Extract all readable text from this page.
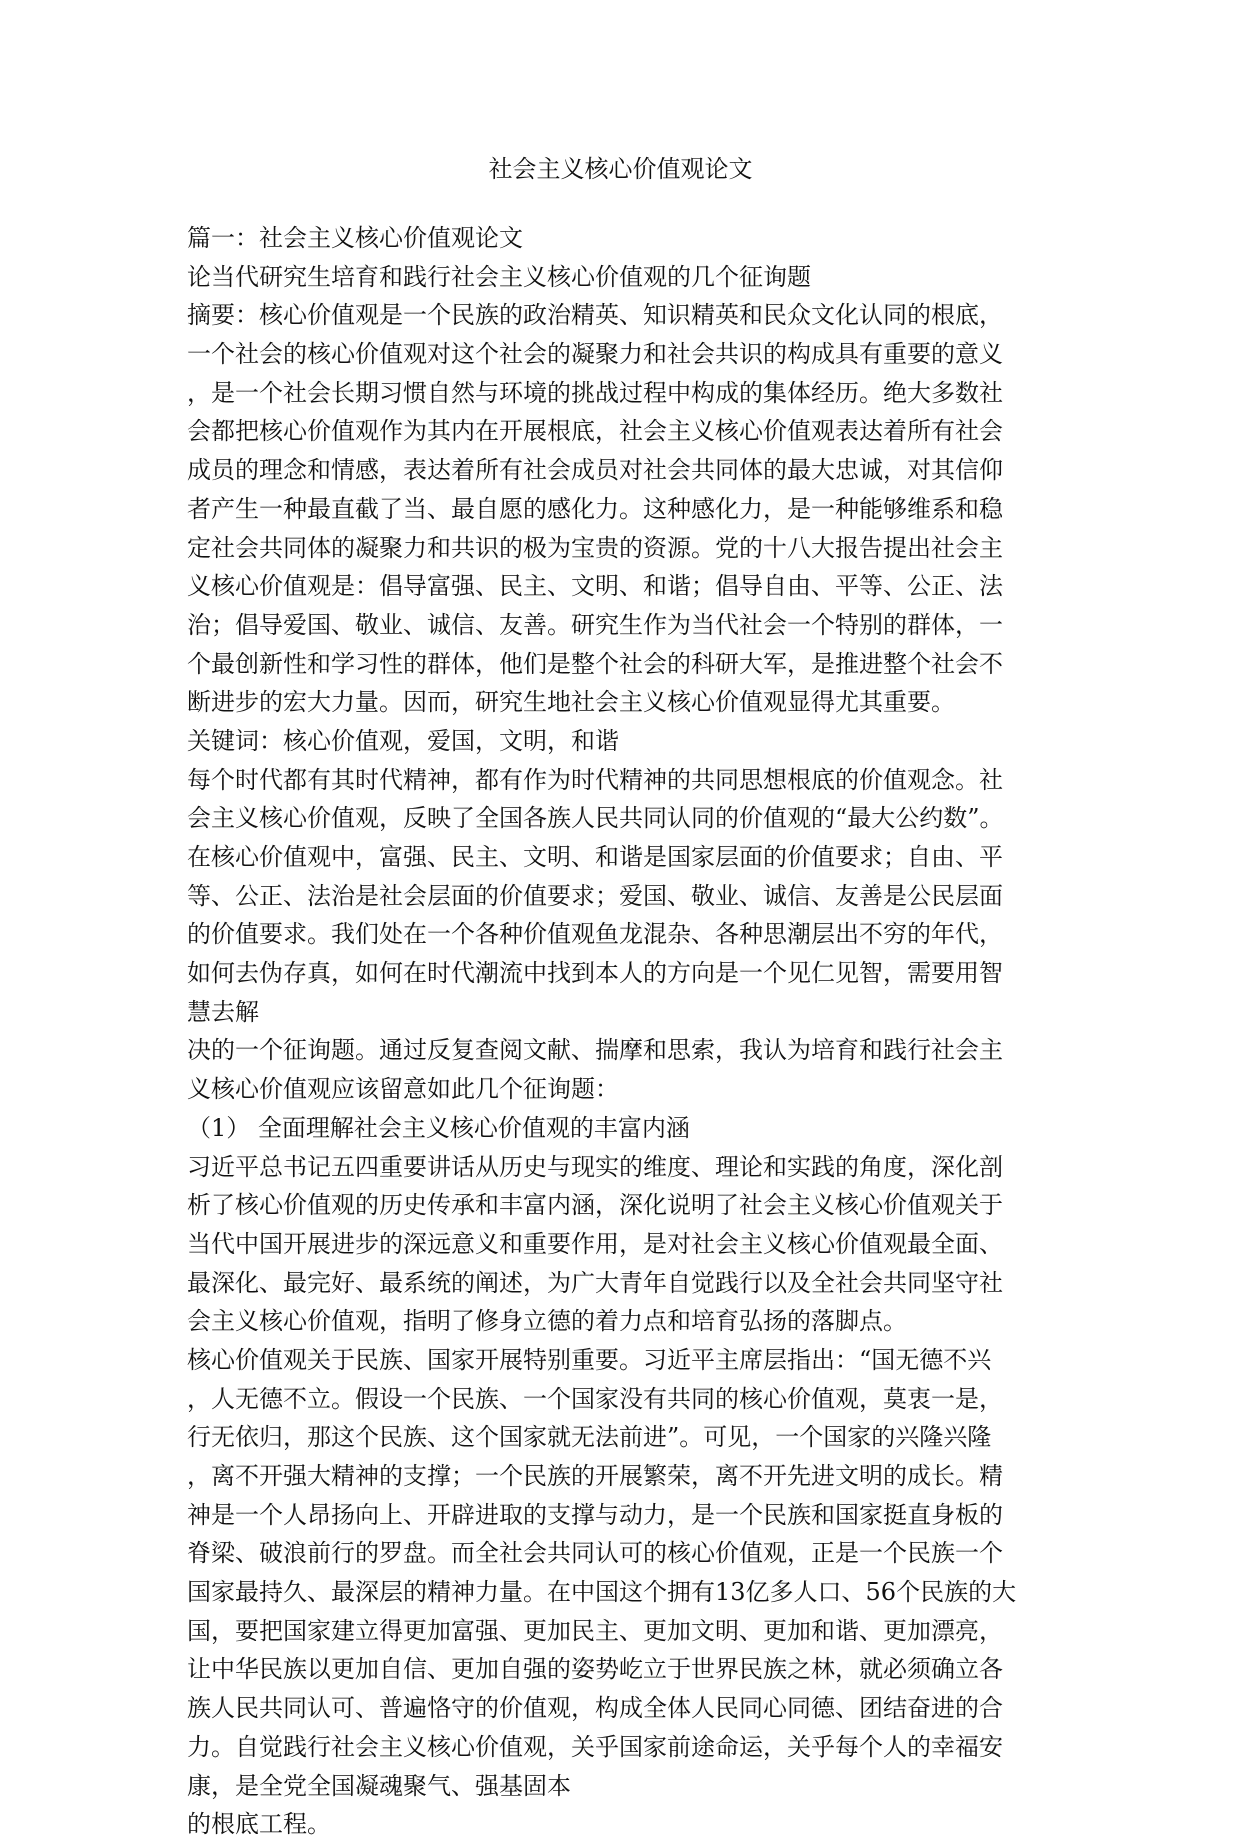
社会主义核心价值观论文
篇一：社会主义核心价值观论文
论当代研究生培育和践行社会主义核心价值观的几个征询题
摘要：核心价值观是一个民族的政治精英、知识精英和民众文化认同的根底，
一个社会的核心价值观对这个社会的凝聚力和社会共识的构成具有重要的意义
，是一个社会长期习惯自然与环境的挑战过程中构成的集体经历。绝大多数社
会都把核心价值观作为其内在开展根底，社会主义核心价值观表达着所有社会
成员的理念和情感，表达着所有社会成员对社会共同体的最大忠诚，对其信仰
者产生一种最直截了当、最自愿的感化力。这种感化力，是一种能够维系和稳
定社会共同体的凝聚力和共识的极为宝贵的资源。党的十八大报告提出社会主
义核心价值观是：倡导富强、民主、文明、和谐；倡导自由、平等、公正、法
治；倡导爱国、敬业、诚信、友善。研究生作为当代社会一个特别的群体，一
个最创新性和学习性的群体，他们是整个社会的科研大军，是推进整个社会不
断进步的宏大力量。因而，研究生地社会主义核心价值观显得尤其重要。
关键词：核心价值观，爱国，文明，和谐
每个时代都有其时代精神，都有作为时代精神的共同思想根底的价值观念。社
会主义核心价值观，反映了全国各族人民共同认同的价值观的“最大公约数”。
在核心价值观中，富强、民主、文明、和谐是国家层面的价值要求；自由、平
等、公正、法治是社会层面的价值要求；爱国、敬业、诚信、友善是公民层面
的价值要求。我们处在一个各种价值观鱼龙混杂、各种思潮层出不穷的年代，
如何去伪存真，如何在时代潮流中找到本人的方向是一个见仁见智，需要用智
慧去解
决的一个征询题。通过反复查阅文献、揣摩和思索，我认为培育和践行社会主
义核心价值观应该留意如此几个征询题：
（1） 全面理解社会主义核心价值观的丰富内涵
习近平总书记五四重要讲话从历史与现实的维度、理论和实践的角度，深化剖
析了核心价值观的历史传承和丰富内涵，深化说明了社会主义核心价值观关于
当代中国开展进步的深远意义和重要作用，是对社会主义核心价值观最全面、
最深化、最完好、最系统的阐述，为广大青年自觉践行以及全社会共同坚守社
会主义核心价值观，指明了修身立德的着力点和培育弘扬的落脚点。
核心价值观关于民族、国家开展特别重要。习近平主席层指出：“国无德不兴
，人无德不立。假设一个民族、一个国家没有共同的核心价值观，莫衷一是，
行无依归，那这个民族、这个国家就无法前进”。可见，一个国家的兴隆兴隆
，离不开强大精神的支撑；一个民族的开展繁荣，离不开先进文明的成长。精
神是一个人昂扬向上、开辟进取的支撑与动力，是一个民族和国家挺直身板的
脊梁、破浪前行的罗盘。而全社会共同认可的核心价值观，正是一个民族一个
国家最持久、最深层的精神力量。在中国这个拥有13亿多人口、56个民族的大
国，要把国家建立得更加富强、更加民主、更加文明、更加和谐、更加漂亮，
让中华民族以更加自信、更加自强的姿势屹立于世界民族之林，就必须确立各
族人民共同认可、普遍恪守的价值观，构成全体人民同心同德、团结奋进的合
力。自觉践行社会主义核心价值观，关乎国家前途命运，关乎每个人的幸福安
康，是全党全国凝魂聚气、强基固本
的根底工程。
